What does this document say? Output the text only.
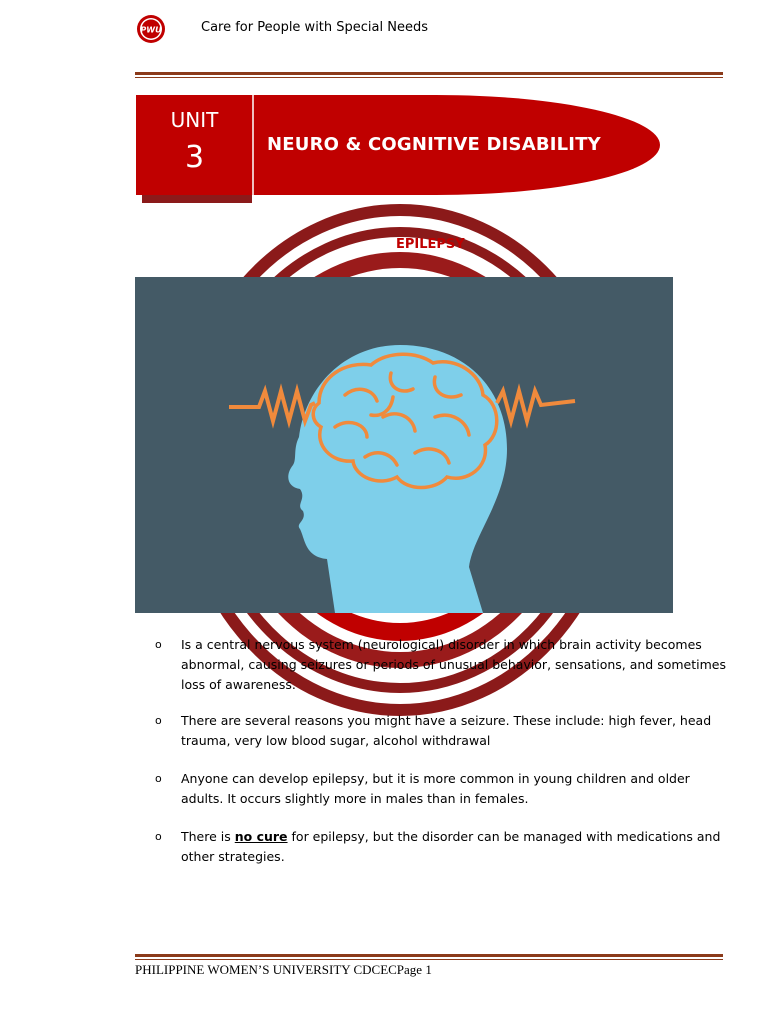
PWU	Care for People with Special Needs
UNIT
3	NEURO & COGNITIVE DISABILITY
EPILEPSY
o Is a central nervous system (neurological) disorder in which brain activity becomes abnormal, causing seizures or periods of unusual behavior, sensations, and sometimes loss of awareness.
o There are several reasons you might have a seizure. These include: high fever, head trauma, very low blood sugar, alcohol withdrawal
o Anyone can develop epilepsy, but it is more common in young children and older adults. It occurs slightly more in males than in females.
o There is no cure for epilepsy, but the disorder can be managed with medications and other strategies.
PHILIPPINE WOMEN’S UNIVERSITY CDCECPage 1
